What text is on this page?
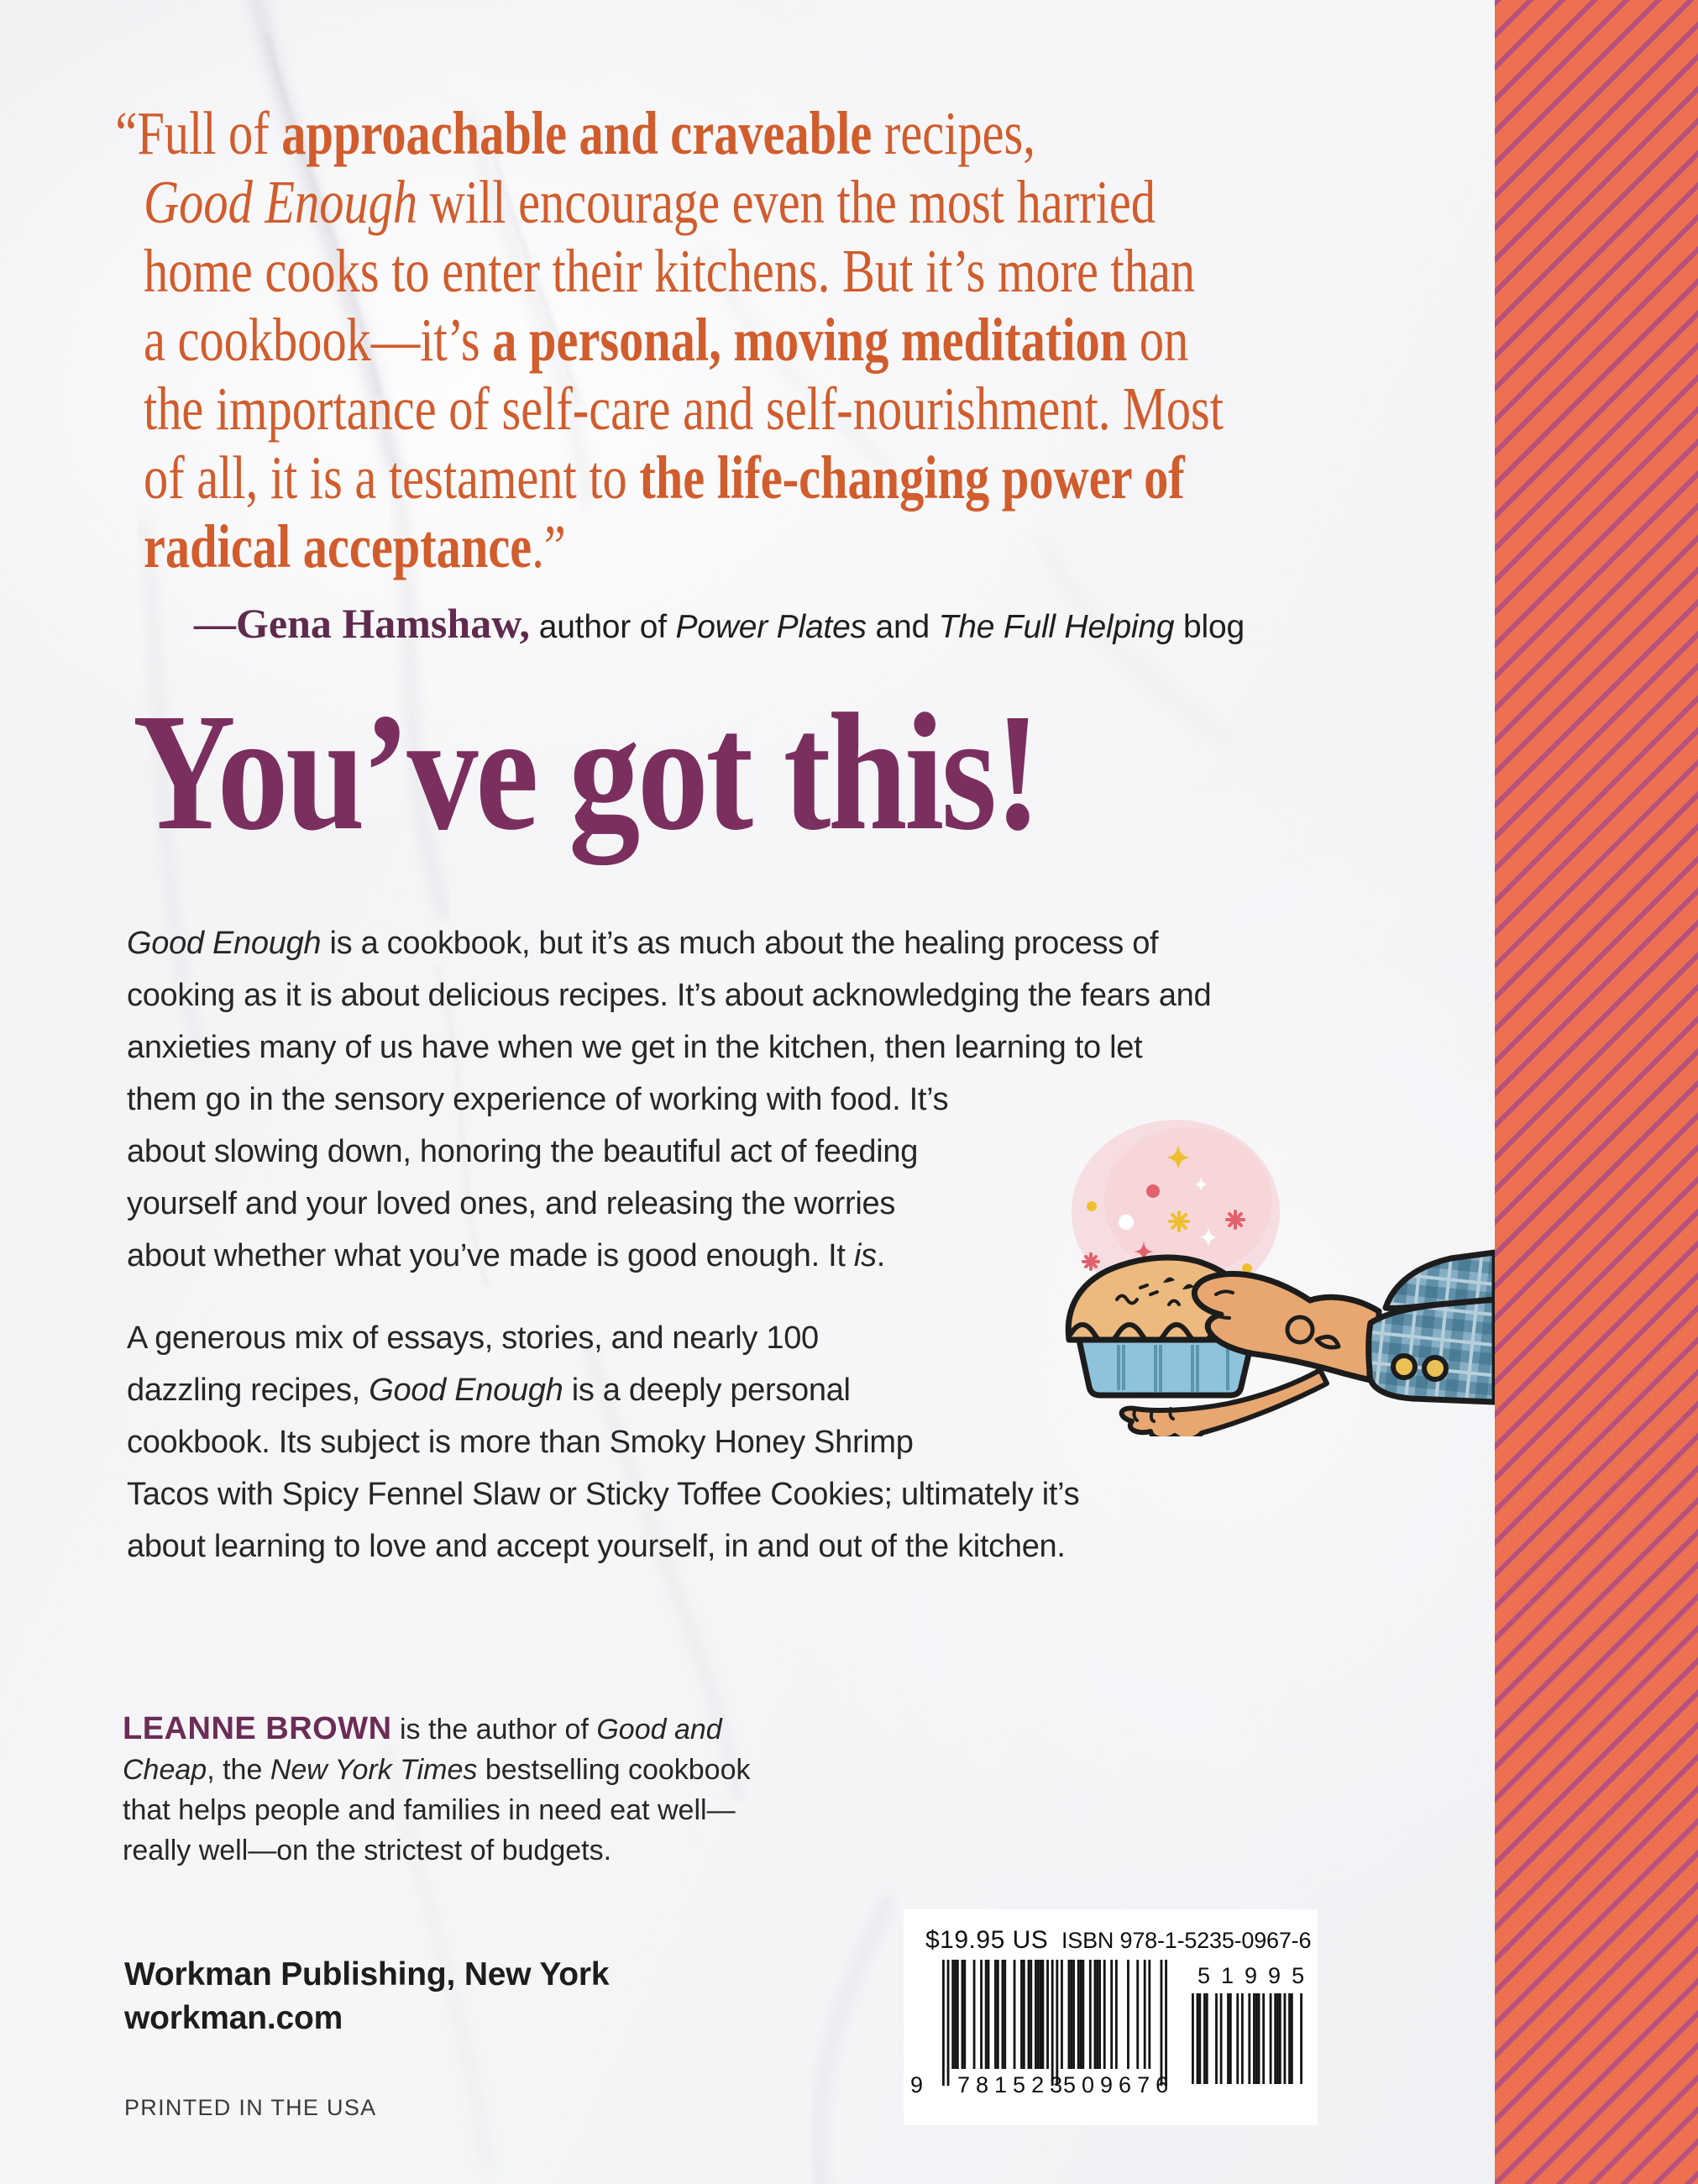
“Full of approachable and craveable recipes,
Good Enough will encourage even the most harried
home cooks to enter their kitchens. But it’s more than
a cookbook—it’s a personal, moving meditation on
the importance of self-care and self-nourishment. Most
of all, it is a testament to the life-changing power of
radical acceptance.”
—Gena Hamshaw, author of Power Plates and The Full Helping blog
You’ve got this!
Good Enough is a cookbook, but it’s as much about the healing process of
cooking as it is about delicious recipes. It’s about acknowledging the fears and
anxieties many of us have when we get in the kitchen, then learning to let
them go in the sensory experience of working with food. It’s
about slowing down, honoring the beautiful act of feeding
yourself and your loved ones, and releasing the worries
about whether what you’ve made is good enough. It is.
A generous mix of essays, stories, and nearly 100
dazzling recipes, Good Enough is a deeply personal
cookbook. Its subject is more than Smoky Honey Shrimp
Tacos with Spicy Fennel Slaw or Sticky Toffee Cookies; ultimately it’s
about learning to love and accept yourself, in and out of the kitchen.
LEANNE BROWN is the author of Good and
Cheap, the New York Times bestselling cookbook
that helps people and families in need eat well—
really well—on the strictest of budgets.
Workman Publishing, New York
workman.com
PRINTED IN THE USA
$19.95 US ISBN 978-1-5235-0967-6
9 781523
509676
51995
